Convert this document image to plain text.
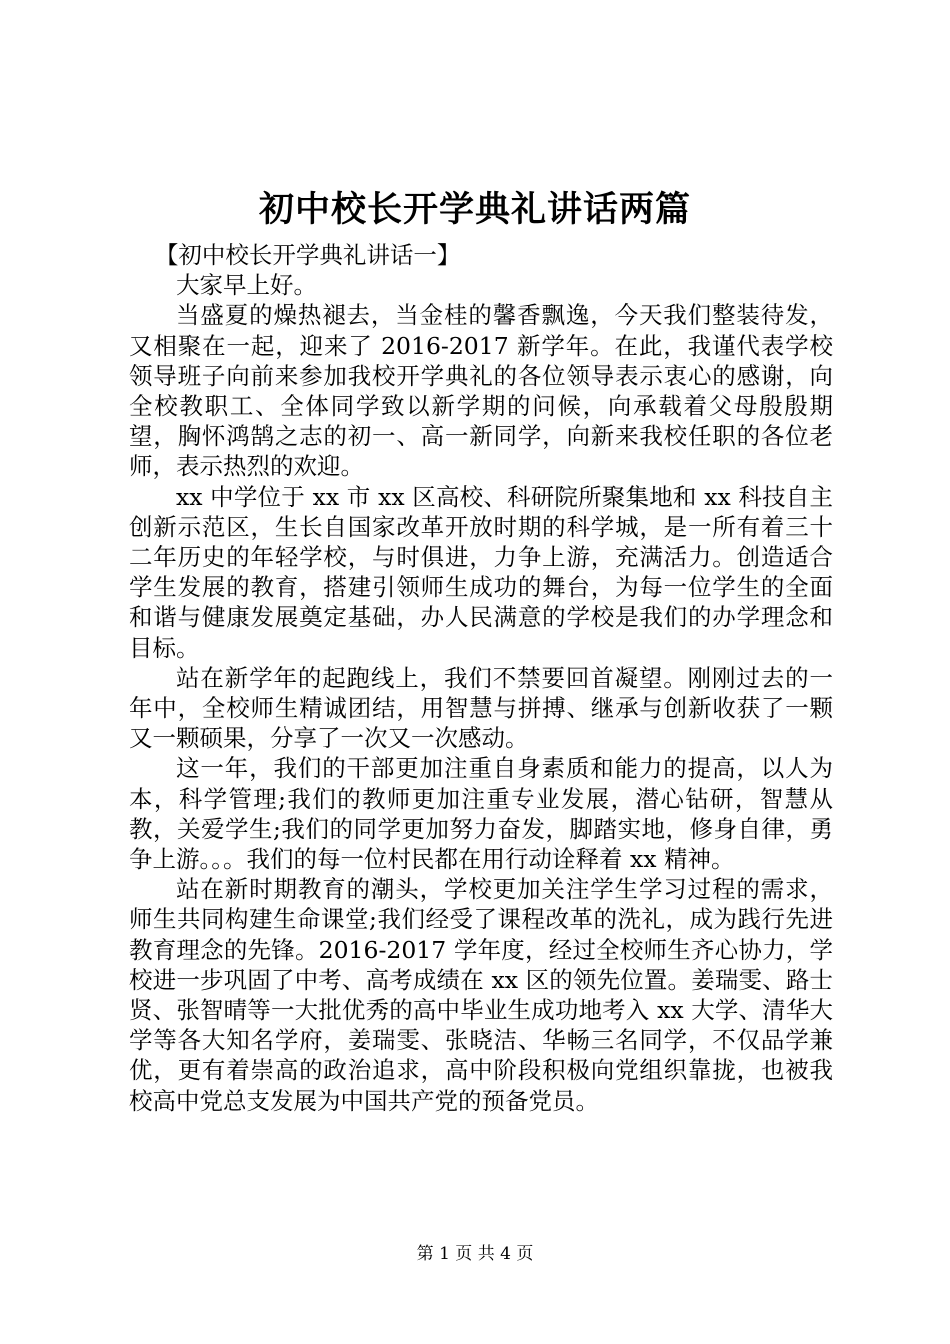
初中校长开学典礼讲话两篇

【初中校长开学典礼讲话一】

大家早上好。

当盛夏的燥热褪去，当金桂的馨香飘逸，今天我们整装待发，又相聚在一起，迎来了 2016-2017 新学年。在此，我谨代表学校领导班子向前来参加我校开学典礼的各位领导表示衷心的感谢，向全校教职工、全体同学致以新学期的问候，向承载着父母殷殷期望，胸怀鸿鹄之志的初一、高一新同学，向新来我校任职的各位老师，表示热烈的欢迎。

xx 中学位于 xx 市 xx 区高校、科研院所聚集地和 xx 科技自主创新示范区，生长自国家改革开放时期的科学城，是一所有着三十二年历史的年轻学校，与时俱进，力争上游，充满活力。创造适合学生发展的教育，搭建引领师生成功的舞台，为每一位学生的全面和谐与健康发展奠定基础，办人民满意的学校是我们的办学理念和目标。

站在新学年的起跑线上，我们不禁要回首凝望。刚刚过去的一年中，全校师生精诚团结，用智慧与拼搏、继承与创新收获了一颗又一颗硕果，分享了一次又一次感动。

这一年，我们的干部更加注重自身素质和能力的提高，以人为本，科学管理;我们的教师更加注重专业发展，潜心钻研，智慧从教，关爱学生;我们的同学更加努力奋发，脚踏实地，修身自律，勇争上游。。。我们的每一位村民都在用行动诠释着 xx 精神。

站在新时期教育的潮头，学校更加关注学生学习过程的需求，师生共同构建生命课堂;我们经受了课程改革的洗礼，成为践行先进教育理念的先锋。2016-2017 学年度，经过全校师生齐心协力，学校进一步巩固了中考、高考成绩在 xx 区的领先位置。姜瑞雯、路士贤、张智晴等一大批优秀的高中毕业生成功地考入 xx 大学、清华大学等各大知名学府，姜瑞雯、张晓洁、华畅三名同学，不仅品学兼优，更有着崇高的政治追求，高中阶段积极向党组织靠拢，也被我校高中党总支发展为中国共产党的预备党员。

第 1 页 共 4 页
